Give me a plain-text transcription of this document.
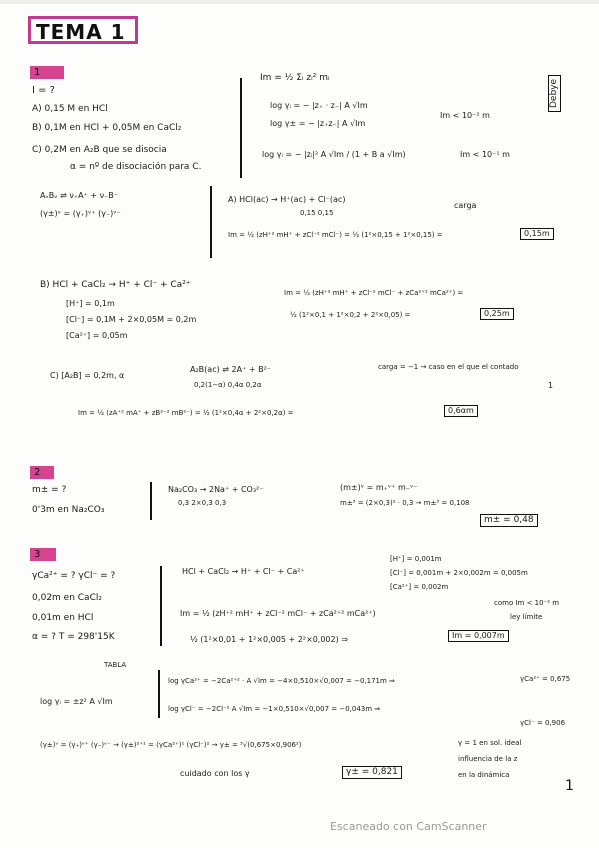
TEMA 1
1
I = ?
A) 0,15 M en HCl
B) 0,1M en HCl + 0,05M en CaCl₂
C) 0,2M en A₂B que se disocia
α = nº de disociación para C.
Im = ½ Σᵢ zᵢ² mᵢ
log γᵢ = − |z₊ · z₋| A √Im
log γ± = − |z₊z₋| A √Im
Im < 10⁻² m
log γᵢ = − |zᵢ|² A √Im / (1 + B a √Im)	Im < 10⁻¹ m
Debye
AᵥBᵥ ⇌ ν₊A⁺ + ν₋B⁻
(γ±)ᵛ = (γ₊)ᵛ⁺ (γ₋)ᵛ⁻
A) HCl(ac) → H⁺(ac) + Cl⁻(ac)
0,15 0,15
carga
Im = ½ (zH⁺² mH⁺ + zCl⁻² mCl⁻) = ½ (1²×0,15 + 1²×0,15) =	0,15m
B) HCl + CaCl₂ → H⁺ + Cl⁻ + Ca²⁺
[H⁺] = 0,1m
[Cl⁻] = 0,1M + 2×0,05M = 0,2m
[Ca²⁺] = 0,05m
Im = ½ (zH⁺² mH⁺ + zCl⁻² mCl⁻ + zCa²⁺² mCa²⁺) =
½ (1²×0,1 + 1²×0,2 + 2²×0,05) =	0,25m
C) [A₂B] = 0,2m, α
A₂B(ac) ⇌ 2A⁺ + B²⁻
0,2(1−α) 0,4α 0,2α
carga = −1 → caso en el que el contado
1
Im = ½ (zA⁺² mA⁺ + zB²⁻² mB²⁻) = ½ (1²×0,4α + 2²×0,2α) =	0,6αm
2
m± = ?
0'3m en Na₂CO₃
Na₂CO₃ → 2Na⁺ + CO₃²⁻
0,3 2×0,3 0,3
(m±)ᵛ = m₊ᵛ⁺ m₋ᵛ⁻
m±³ = (2×0,3)² · 0,3 → m±³ = 0,108
m± = 0,48
3
γCa²⁺ = ? γCl⁻ = ?
0,02m en CaCl₂
0,01m en HCl
α = ? T = 298'15K
HCl + CaCl₂ → H⁺ + Cl⁻ + Ca²⁺
[H⁺] = 0,001m
[Cl⁻] = 0,001m + 2×0,002m = 0,005m
[Ca²⁺] = 0,002m
Im = ½ (zH⁺² mH⁺ + zCl⁻² mCl⁻ + zCa²⁺² mCa²⁺)
como Im < 10⁻² m
ley límite
½ (1²×0,01 + 1²×0,005 + 2²×0,002) ⇒	Im = 0,007m
TABLA
log γᵢ = ±z² A √Im
log γCa²⁺ = −2Ca²⁺² · A √Im = −4×0,510×√0,007 = −0,171m ⇒	γCa²⁺ = 0,675
log γCl⁻ = −2Cl⁻² A √Im = −1×0,510×√0,007 = −0,043m ⇒
γCl⁻ = 0,906
(γ±)ᵛ = (γ₊)ᵛ⁺ (γ₋)ᵛ⁻ → (γ±)²⁺¹ = (γCa²⁺)¹ (γCl⁻)² → γ± = ³√(0,675×0,906²)
γ± = 0,821
cuidado con los γ
γ = 1 en sol. ideal
influencia de la z
en la dinámica
1
Escaneado con CamScanner
